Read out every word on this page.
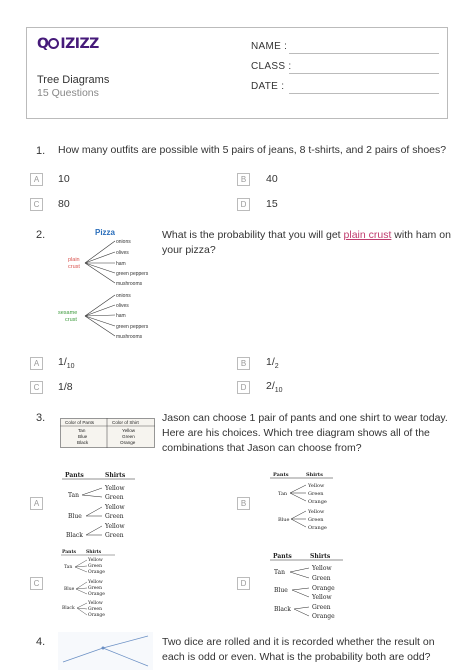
Q IZIZZ
Tree Diagrams
15 Questions
NAME :
CLASS :
DATE :
1. How many outfits are possible with 5 pairs of jeans, 8 t-shirts, and 2 pairs of shoes?
A	10	B	40
C	80	D	15
2.	Pizza
plain
crust
sesame
crust
onions
olives
ham
green peppers
mushrooms
onions
olives
ham
green peppers
mushrooms
What is the probability that you will get plain crust with ham on your pizza?
A	$1/_{10}$	B	$1/_2$
C	1/8	D	$2/_{10}$
3.	Color of Pants	Color of Shirt
Tan	Yellow
Blue	Green
Black	Orange
Jason can choose 1 pair of pants and one shirt to wear today. Here are his choices. Which tree diagram shows all of the combinations that Jason can choose from?
A
Pants	Shirts
Tan
Blue
Black
Yellow
Green
Yellow
Green
Yellow
Green
B
Pants	Shirts
Tan
Blue
Yellow
Green
Orange
Yellow
Green
Orange
C
Pants Shirts
Tan
Blue
Black
Yellow
Green
Orange
Yellow
Green
Orange
Yellow
Green
Orange
D
Pants	Shirts
Tan
Blue
Black
Yellow
Green
Orange
Yellow
Green
Orange
4.	Two dice are rolled and it is recorded whether the result on each is odd or even. What is the probability both are odd?
